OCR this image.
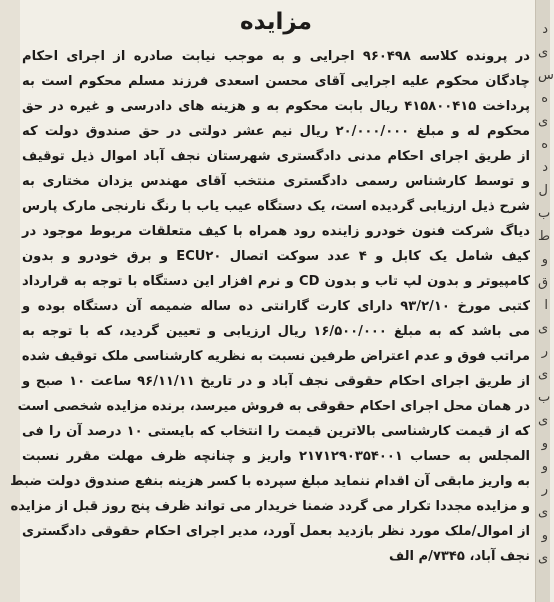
د
ی
س
ه
ی
ه
د
ل
ب
ط
و
ق
ا
ی
ر
ی
ب
ی
و
و
ر
ی
و
ی
مزایده
در پرونده کلاسه ۹۶۰۴۹۸ اجرایی و به موجب نیابت صادره از اجرای احکام
چادگان محکوم علیه اجرایی آقای محسن اسعدی فرزند مسلم محکوم است به
پرداخت ۴۱۵۸۰۰۴۱۵ ریال بابت محکوم به و هزینه های دادرسی و غیره در حق
محکوم له و مبلغ ۲۰/۰۰۰/۰۰۰ ریال نیم عشر دولتی در حق صندوق دولت که
از طریق اجرای احکام مدنی دادگستری شهرستان نجف آباد اموال ذیل توقیف
و توسط کارشناس رسمی دادگستری منتخب آقای مهندس یزدان مختاری به
شرح ذیل ارزیابی گردیده است، یک دستگاه عیب یاب با رنگ نارنجی مارک پارس
دیاگ شرکت فنون خودرو زاینده رود همراه با کیف متعلقات مربوط موجود در
کیف شامل یک کابل و ۴ عدد سوکت اتصال ECU۲۰ و برق خودرو و بدون
کامپیوتر و بدون لپ تاب و بدون CD و نرم افزار این دستگاه با توجه به قرارداد
کتبی مورخ ۹۳/۲/۱۰ دارای کارت گارانتی ده ساله ضمیمه آن دستگاه بوده و
می باشد که به مبلغ ۱۶/۵۰۰/۰۰۰ ریال ارزیابی و تعیین گردید، که با توجه به
مراتب فوق و عدم اعتراض طرفین نسبت به نظریه کارشناسی ملک توقیف شده
از طریق اجرای احکام حقوقی نجف آباد و در تاریخ ۹۶/۱۱/۱۱ ساعت ۱۰ صبح و
در همان محل اجرای احکام حقوقی به فروش میرسد، برنده مزایده شخصی است
که از قیمت کارشناسی بالاترین قیمت را انتخاب که بایستی ۱۰ درصد آن را فی
المجلس به حساب ۲۱۷۱۲۹۰۳۵۴۰۰۱ واریز و چنانچه ظرف مهلت مقرر نسبت
به واریز مابقی آن اقدام ننماید مبلغ سپرده با کسر هزینه بنفع صندوق دولت ضبط
و مزایده مجددا تکرار می گردد ضمنا خریدار می تواند ظرف پنج روز قبل از مزایده
از اموال/ملک مورد نظر بازدید بعمل آورد، مدیر اجرای احکام حقوقی دادگستری
نجف آباد، ۷۳۴۵/م الف
